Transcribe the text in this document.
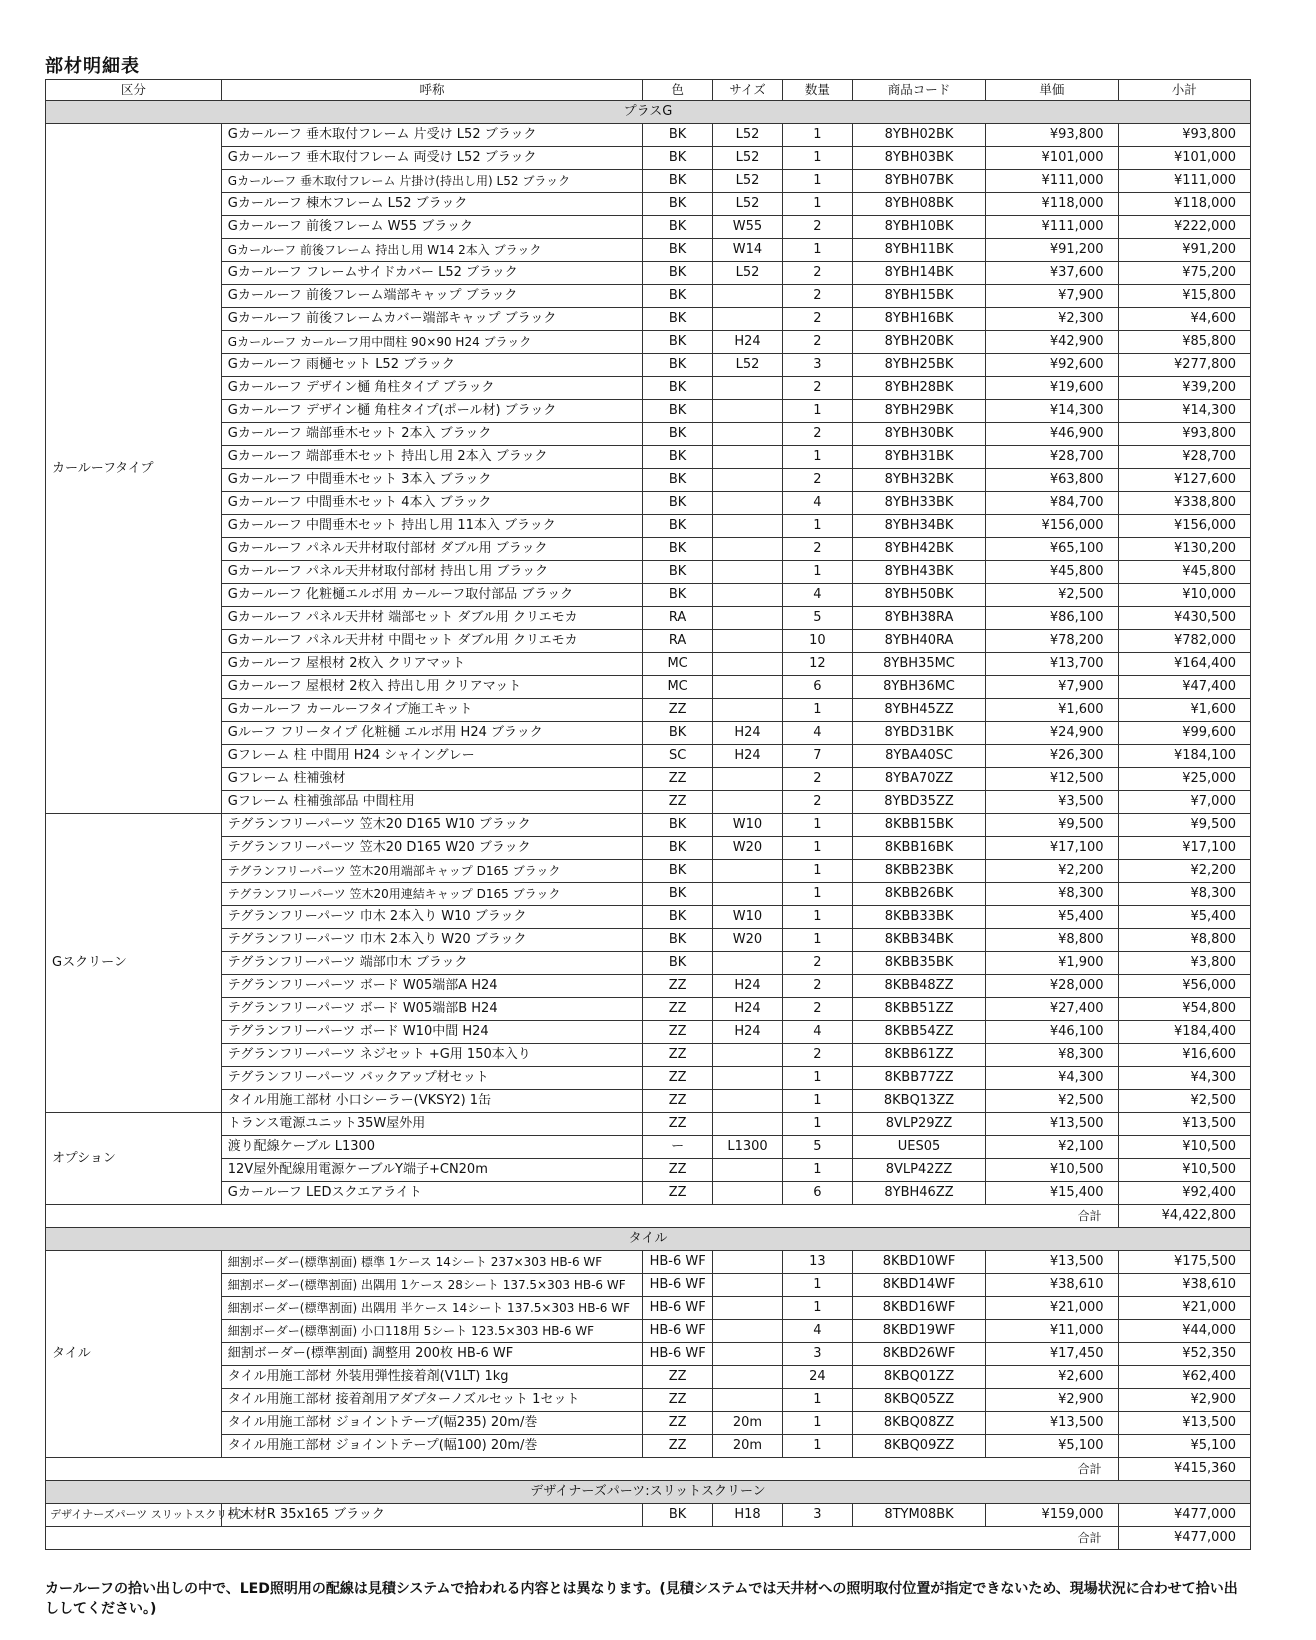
部材明細表
区分	呼称	色	サイズ	数量	商品コード	単価	小計
プラスG							
カールーフタイプ	Gカールーフ 垂木取付フレーム 片受け L52 ブラック	BK	L52	1	8YBH02BK	¥93,800	¥93,800
	Gカールーフ 垂木取付フレーム 両受け L52 ブラック	BK	L52	1	8YBH03BK	¥101,000	¥101,000
	Gカールーフ 垂木取付フレーム 片掛け(持出し用) L52 ブラック	BK	L52	1	8YBH07BK	¥111,000	¥111,000
	Gカールーフ 棟木フレーム L52 ブラック	BK	L52	1	8YBH08BK	¥118,000	¥118,000
	Gカールーフ 前後フレーム W55 ブラック	BK	W55	2	8YBH10BK	¥111,000	¥222,000
	Gカールーフ 前後フレーム 持出し用 W14 2本入 ブラック	BK	W14	1	8YBH11BK	¥91,200	¥91,200
	Gカールーフ フレームサイドカバー L52 ブラック	BK	L52	2	8YBH14BK	¥37,600	¥75,200
	Gカールーフ 前後フレーム端部キャップ ブラック	BK		2	8YBH15BK	¥7,900	¥15,800
	Gカールーフ 前後フレームカバー端部キャップ ブラック	BK		2	8YBH16BK	¥2,300	¥4,600
	Gカールーフ カールーフ用中間柱 90×90 H24 ブラック	BK	H24	2	8YBH20BK	¥42,900	¥85,800
	Gカールーフ 雨樋セット L52 ブラック	BK	L52	3	8YBH25BK	¥92,600	¥277,800
	Gカールーフ デザイン樋 角柱タイプ ブラック	BK		2	8YBH28BK	¥19,600	¥39,200
	Gカールーフ デザイン樋 角柱タイプ(ポール材) ブラック	BK		1	8YBH29BK	¥14,300	¥14,300
	Gカールーフ 端部垂木セット 2本入 ブラック	BK		2	8YBH30BK	¥46,900	¥93,800
	Gカールーフ 端部垂木セット 持出し用 2本入 ブラック	BK		1	8YBH31BK	¥28,700	¥28,700
	Gカールーフ 中間垂木セット 3本入 ブラック	BK		2	8YBH32BK	¥63,800	¥127,600
	Gカールーフ 中間垂木セット 4本入 ブラック	BK		4	8YBH33BK	¥84,700	¥338,800
	Gカールーフ 中間垂木セット 持出し用 11本入 ブラック	BK		1	8YBH34BK	¥156,000	¥156,000
	Gカールーフ パネル天井材取付部材 ダブル用 ブラック	BK		2	8YBH42BK	¥65,100	¥130,200
	Gカールーフ パネル天井材取付部材 持出し用 ブラック	BK		1	8YBH43BK	¥45,800	¥45,800
	Gカールーフ 化粧樋エルボ用 カールーフ取付部品 ブラック	BK		4	8YBH50BK	¥2,500	¥10,000
	Gカールーフ パネル天井材 端部セット ダブル用 クリエモカ	RA		5	8YBH38RA	¥86,100	¥430,500
	Gカールーフ パネル天井材 中間セット ダブル用 クリエモカ	RA		10	8YBH40RA	¥78,200	¥782,000
	Gカールーフ 屋根材 2枚入 クリアマット	MC		12	8YBH35MC	¥13,700	¥164,400
	Gカールーフ 屋根材 2枚入 持出し用 クリアマット	MC		6	8YBH36MC	¥7,900	¥47,400
	Gカールーフ カールーフタイプ施工キット	ZZ		1	8YBH45ZZ	¥1,600	¥1,600
	Gルーフ フリータイプ 化粧樋 エルボ用 H24 ブラック	BK	H24	4	8YBD31BK	¥24,900	¥99,600
	Gフレーム 柱 中間用 H24 シャイングレー	SC	H24	7	8YBA40SC	¥26,300	¥184,100
	Gフレーム 柱補強材	ZZ		2	8YBA70ZZ	¥12,500	¥25,000
	Gフレーム 柱補強部品 中間柱用	ZZ		2	8YBD35ZZ	¥3,500	¥7,000
Gスクリーン	テグランフリーパーツ 笠木20 D165 W10 ブラック	BK	W10	1	8KBB15BK	¥9,500	¥9,500
	テグランフリーパーツ 笠木20 D165 W20 ブラック	BK	W20	1	8KBB16BK	¥17,100	¥17,100
	テグランフリーパーツ 笠木20用端部キャップ D165 ブラック	BK		1	8KBB23BK	¥2,200	¥2,200
	テグランフリーパーツ 笠木20用連結キャップ D165 ブラック	BK		1	8KBB26BK	¥8,300	¥8,300
	テグランフリーパーツ 巾木 2本入り W10 ブラック	BK	W10	1	8KBB33BK	¥5,400	¥5,400
	テグランフリーパーツ 巾木 2本入り W20 ブラック	BK	W20	1	8KBB34BK	¥8,800	¥8,800
	テグランフリーパーツ 端部巾木 ブラック	BK		2	8KBB35BK	¥1,900	¥3,800
	テグランフリーパーツ ボード W05端部A H24	ZZ	H24	2	8KBB48ZZ	¥28,000	¥56,000
	テグランフリーパーツ ボード W05端部B H24	ZZ	H24	2	8KBB51ZZ	¥27,400	¥54,800
	テグランフリーパーツ ボード W10中間 H24	ZZ	H24	4	8KBB54ZZ	¥46,100	¥184,400
	テグランフリーパーツ ネジセット +G用 150本入り	ZZ		2	8KBB61ZZ	¥8,300	¥16,600
	テグランフリーパーツ バックアップ材セット	ZZ		1	8KBB77ZZ	¥4,300	¥4,300
	タイル用施工部材 小口シーラー(VKSY2) 1缶	ZZ		1	8KBQ13ZZ	¥2,500	¥2,500
オプション	トランス電源ユニット35W屋外用	ZZ		1	8VLP29ZZ	¥13,500	¥13,500
	渡り配線ケーブル L1300	ー	L1300	5	UES05	¥2,100	¥10,500
	12V屋外配線用電源ケーブルY端子+CN20m	ZZ		1	8VLP42ZZ	¥10,500	¥10,500
	Gカールーフ LEDスクエアライト	ZZ		6	8YBH46ZZ	¥15,400	¥92,400
合計							¥4,422,800
タイル							
タイル	細割ボーダー(標準割面) 標準 1ケース 14シート 237×303 HB-6 WF	HB-6 WF		13	8KBD10WF	¥13,500	¥175,500
	細割ボーダー(標準割面) 出隅用 1ケース 28シート 137.5×303 HB-6 WF	HB-6 WF		1	8KBD14WF	¥38,610	¥38,610
	細割ボーダー(標準割面) 出隅用 半ケース 14シート 137.5×303 HB-6 WF	HB-6 WF		1	8KBD16WF	¥21,000	¥21,000
	細割ボーダー(標準割面) 小口118用 5シート 123.5×303 HB-6 WF	HB-6 WF		4	8KBD19WF	¥11,000	¥44,000
	細割ボーダー(標準割面) 調整用 200枚 HB-6 WF	HB-6 WF		3	8KBD26WF	¥17,450	¥52,350
	タイル用施工部材 外装用弾性接着剤(V1LT) 1kg	ZZ		24	8KBQ01ZZ	¥2,600	¥62,400
	タイル用施工部材 接着剤用アダプターノズルセット 1セット	ZZ		1	8KBQ05ZZ	¥2,900	¥2,900
	タイル用施工部材 ジョイントテープ(幅235) 20m/巻	ZZ	20m	1	8KBQ08ZZ	¥13,500	¥13,500
	タイル用施工部材 ジョイントテープ(幅100) 20m/巻	ZZ	20m	1	8KBQ09ZZ	¥5,100	¥5,100
合計							¥415,360
デザイナーズパーツ:スリットスクリーン							
デザイナーズパーツ スリットスクリーン	枕木材R 35x165 ブラック	BK	H18	3	8TYM08BK	¥159,000	¥477,000
合計							¥477,000
カールーフの拾い出しの中で、LED照明用の配線は見積システムで拾われる内容とは異なります。(見積システムでは天井材への照明取付位置が指定できないため、現場状況に合わせて拾い出ししてください。)
